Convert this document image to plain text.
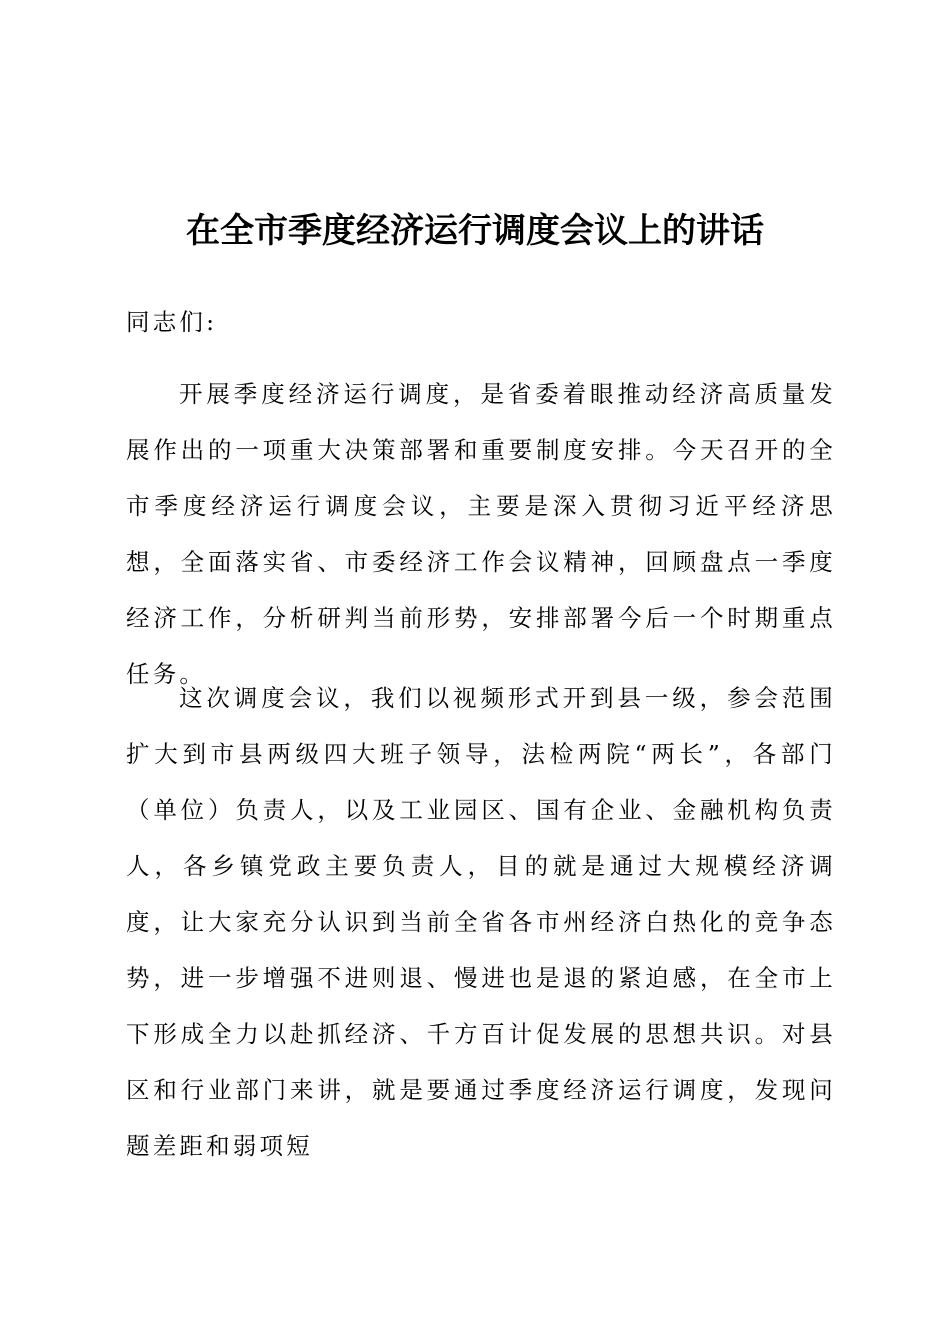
在全市季度经济运行调度会议上的讲话

同志们:

开展季度经济运行调度，是省委着眼推动经济高质量发展作出的一项重大决策部署和重要制度安排。今天召开的全市季度经济运行调度会议，主要是深入贯彻习近平经济思想，全面落实省、市委经济工作会议精神，回顾盘点一季度经济工作，分析研判当前形势，安排部署今后一个时期重点任务。

这次调度会议，我们以视频形式开到县一级，参会范围扩大到市县两级四大班子领导，法检两院“两长”，各部门（单位）负责人，以及工业园区、国有企业、金融机构负责人，各乡镇党政主要负责人，目的就是通过大规模经济调度，让大家充分认识到当前全省各市州经济白热化的竞争态势，进一步增强不进则退、慢进也是退的紧迫感，在全市上下形成全力以赴抓经济、千方百计促发展的思想共识。对县区和行业部门来讲，就是要通过季度经济运行调度，发现问题差距和弱项短
